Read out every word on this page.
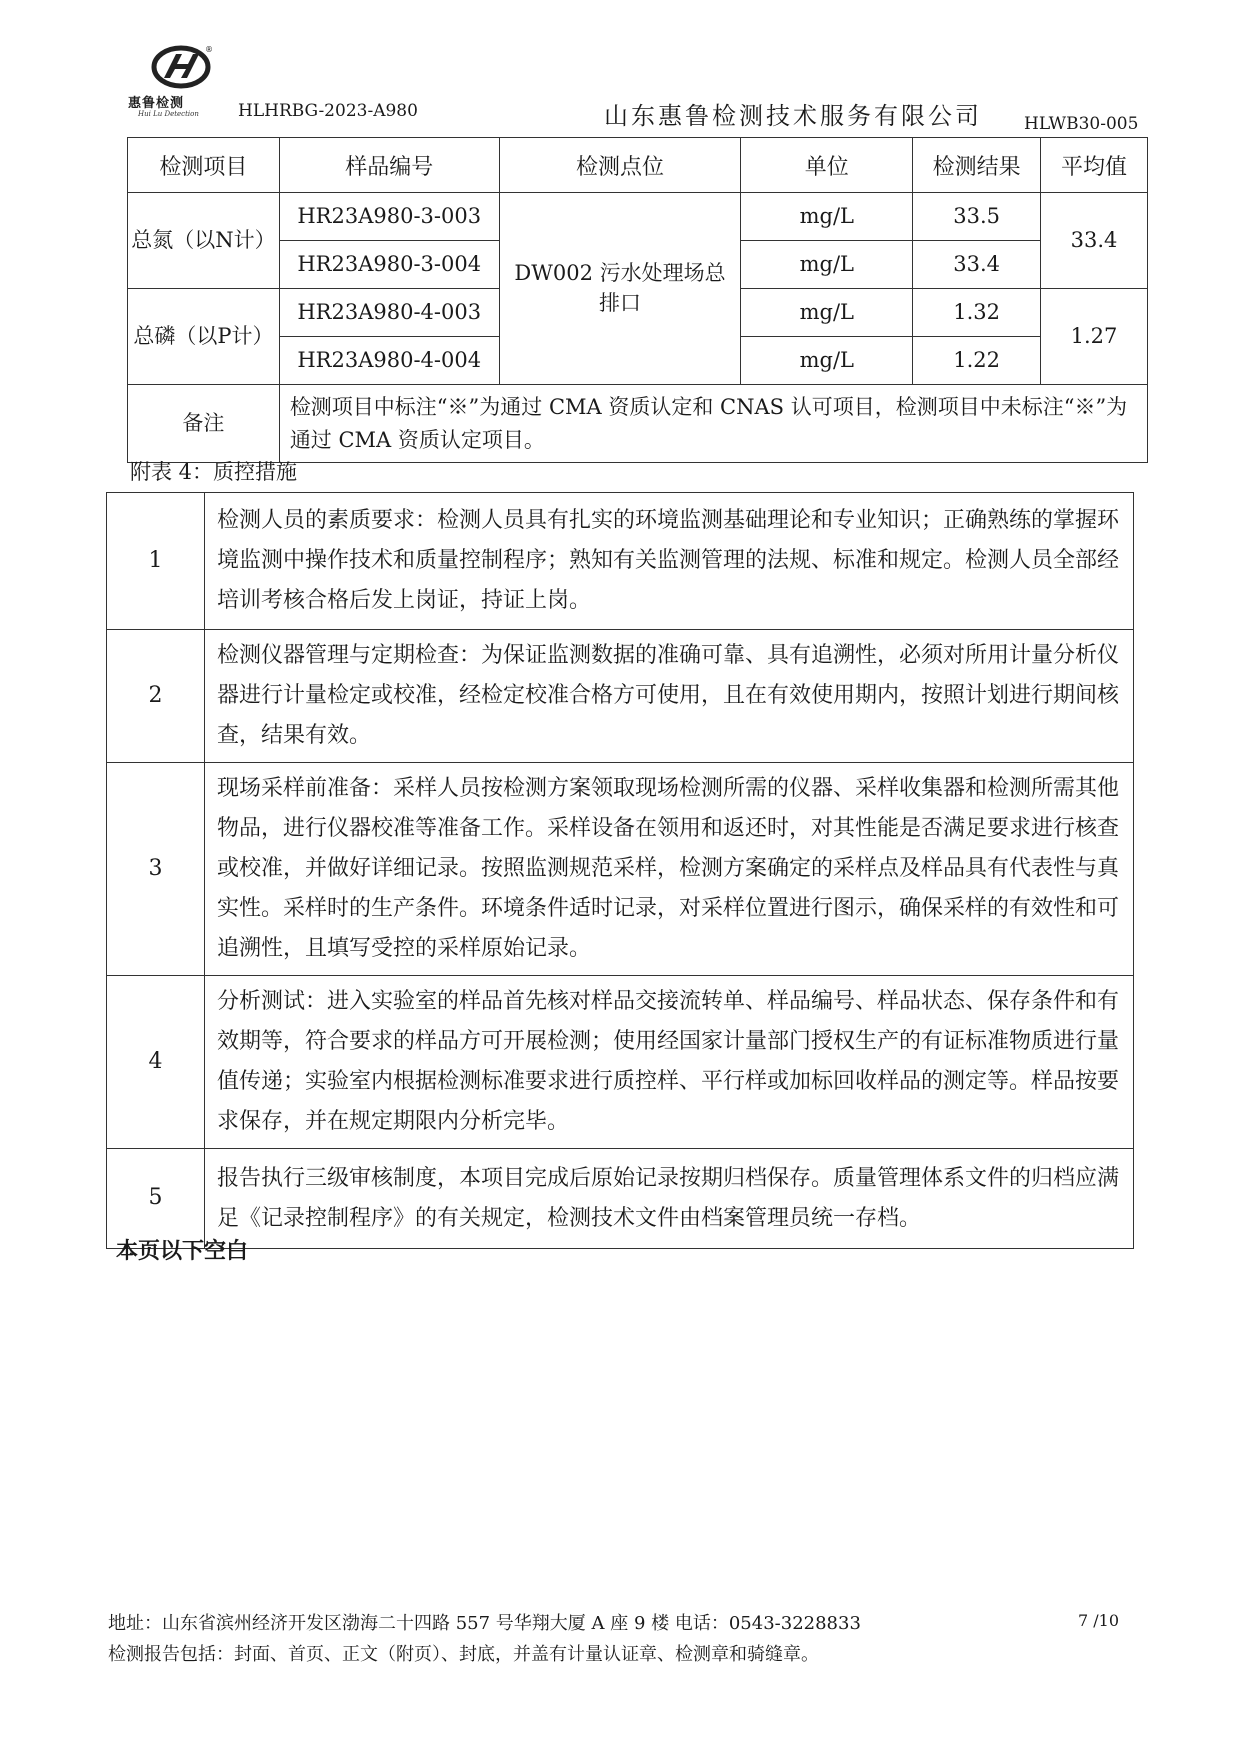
®
惠鲁检测
Hui Lu Detection HLHRBG-2023-A980	山东惠鲁检测技术服务有限公司 HLWB30-005
检测项目	样品编号	检测点位	单位	检测结果	平均值
总氮（以N计）	HR23A980-3-003	DW002 污水处理场总排口	mg/L	33.5	33.4
	HR23A980-3-004		mg/L	33.4	
总磷（以P计）	HR23A980-4-003		mg/L	1.32	1.27
	HR23A980-4-004		mg/L	1.22	
备注	检测项目中标注“※”为通过 CMA 资质认定和 CNAS 认可项目，检测项目中未标注“※”为通过 CMA 资质认定项目。				
附表 4：质控措施
1	检测人员的素质要求：检测人员具有扎实的环境监测基础理论和专业知识；正确熟练的掌握环境监测中操作技术和质量控制程序；熟知有关监测管理的法规、标准和规定。检测人员全部经培训考核合格后发上岗证，持证上岗。
2	检测仪器管理与定期检查：为保证监测数据的准确可靠、具有追溯性，必须对所用计量分析仪器进行计量检定或校准，经检定校准合格方可使用，且在有效使用期内，按照计划进行期间核查，结果有效。
3	现场采样前准备：采样人员按检测方案领取现场检测所需的仪器、采样收集器和检测所需其他物品，进行仪器校准等准备工作。采样设备在领用和返还时，对其性能是否满足要求进行核查或校准，并做好详细记录。按照监测规范采样，检测方案确定的采样点及样品具有代表性与真实性。采样时的生产条件。环境条件适时记录，对采样位置进行图示，确保采样的有效性和可追溯性，且填写受控的采样原始记录。
4	分析测试：进入实验室的样品首先核对样品交接流转单、样品编号、样品状态、保存条件和有效期等，符合要求的样品方可开展检测；使用经国家计量部门授权生产的有证标准物质进行量值传递；实验室内根据检测标准要求进行质控样、平行样或加标回收样品的测定等。样品按要求保存，并在规定期限内分析完毕。
5	报告执行三级审核制度，本项目完成后原始记录按期归档保存。质量管理体系文件的归档应满足《记录控制程序》的有关规定，检测技术文件由档案管理员统一存档。
本页以下空白
地址：山东省滨州经济开发区渤海二十四路 557 号华翔大厦 A 座 9 楼 电话：0543-3228833	7 /10
检测报告包括：封面、首页、正文（附页）、封底，并盖有计量认证章、检测章和骑缝章。
